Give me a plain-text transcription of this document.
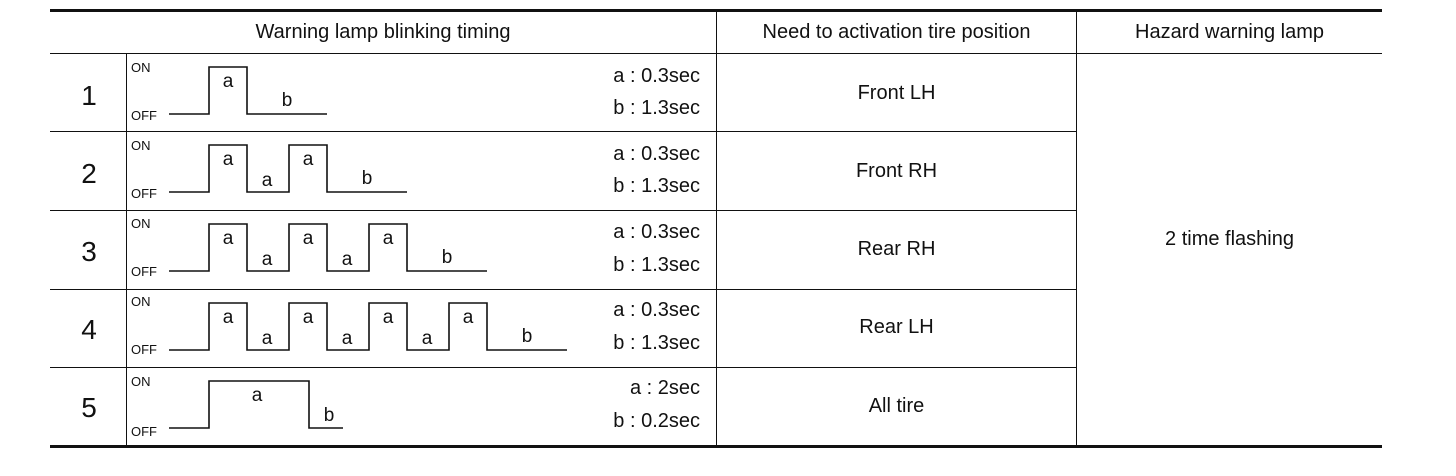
Warning lamp blinking timing	Need to activation tire position	Hazard warning lamp
1
ON
OFF
a
b
a : 0.3sec
b : 1.3sec
Front LH
2
ON
OFF
a
a
a
b
a : 0.3sec
b : 1.3sec
Front RH
3
ON
OFF
a
a
a
a
a
b
a : 0.3sec
b : 1.3sec
Rear RH
4
ON
OFF
a
a
a
a
a
a
a
b
a : 0.3sec
b : 1.3sec
Rear LH
5
ON
OFF
a
b
a : 2sec
b : 0.2sec
All tire
2 time flashing
